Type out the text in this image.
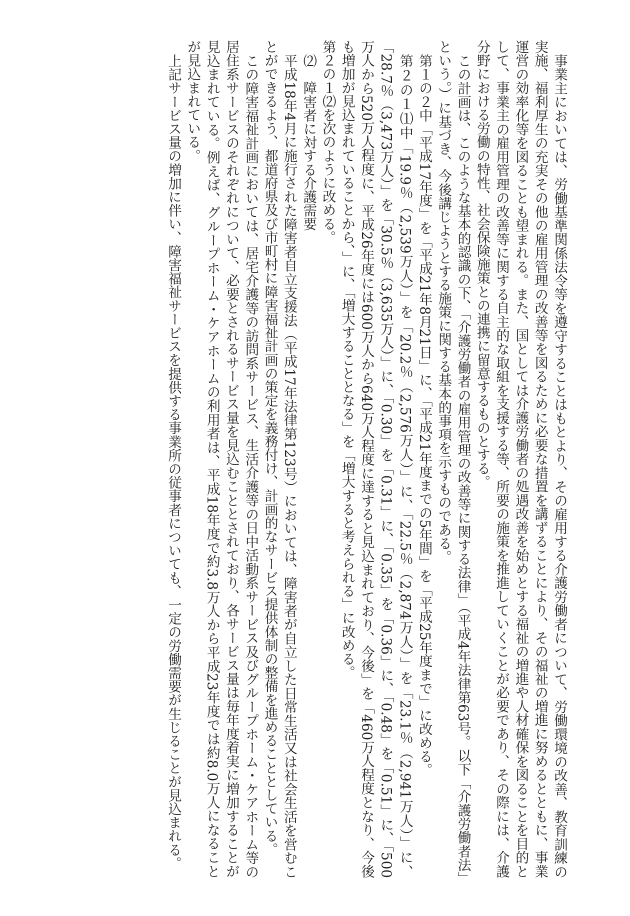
事業主においては、労働基準関係法令等を遵守することはもとより、その雇用する介護労働者について、労働環境の改善、教育訓練の実施、福利厚生の充実その他の雇用管理の改善等を図るために必要な措置を講ずることにより、その福祉の増進に努めるとともに、事業運営の効率化等を図ることも望まれる。また、国としては介護労働者の処遇改善を始めとする福祉の増進や人材確保を図ることを目的として、事業主の雇用管理の改善等に関する自主的な取組を支援する等、所要の施策を推進していくことが必要であり、その際には、介護分野における労働の特性、社会保険施策との連携に留意するものとする。

この計画は、このような基本的認識の下、「介護労働者の雇用管理の改善等に関する法律」（平成4年法律第63号。以下「介護労働者法」という。）に基づき、今後講じようとする施策に関する基本的事項を示すものである。

第１の２中「平成17年度」を「平成21年8月21日」に、「平成21年度までの5年間」を「平成25年度まで」に改める。

第２の１⑴中「19.9％（2,539万人）」を「20.2％（2,576万人）」に、「22.5％（2,874万人）」を「23.1％（2,941万人）」に、「28.7％（3,473万人）」を「30.5％（3,635万人）」に、「0.30」を「0.31」に、「0.35」を「0.36」に、「0.48」を「0.51」に、「500万人から520万人程度に、平成26年度には600万人から640万人程度に達すると見込まれており、今後」を「460万人程度となり、今後も増加が見込まれていることから、」に、「増大することとなる」を「増大すると考えられる」に改める。

第２の１⑵を次のように改める。

⑵　障害者に対する介護需要

平成18年4月に施行された障害者自立支援法（平成17年法律第123号）においては、障害者が自立した日常生活又は社会生活を営むことができるよう、都道府県及び市町村に障害福祉計画の策定を義務付け、計画的なサービス提供体制の整備を進めることとしている。

この障害福祉計画においては、居宅介護等の訪問系サービス、生活介護等の日中活動系サービス及びグループホーム・ケアホーム等の居住系サービスのそれぞれについて、必要とされるサービス量を見込むこととされており、各サービス量は毎年度着実に増加することが見込まれている。例えば、グループホーム・ケアホームの利用者は、平成18年度で約3.8万人から平成23年度では約8.0万人になることが見込まれている。

上記サービス量の増加に伴い、障害福祉サービスを提供する事業所の従事者についても、一定の労働需要が生じることが見込まれる。
